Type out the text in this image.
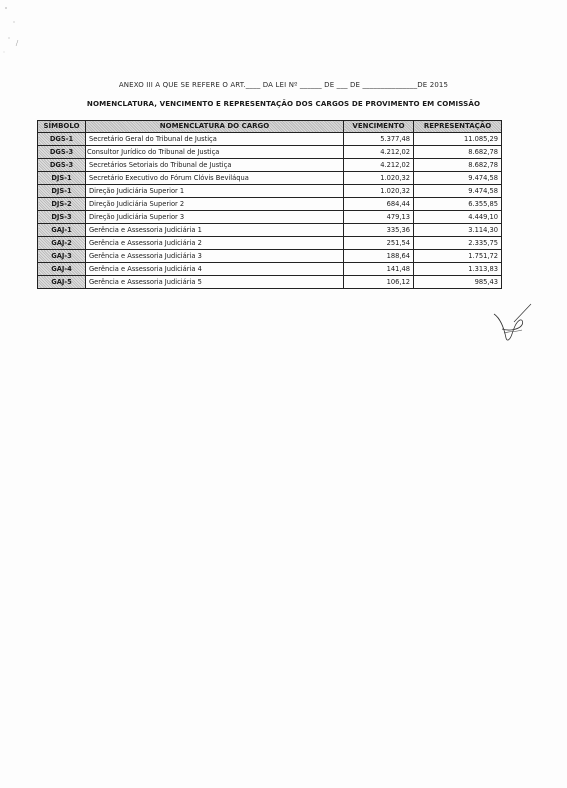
ANEXO III A QUE SE REFERE O ART.____ DA LEI Nº ______ DE ___ DE _______________DE 2015
NOMENCLATURA, VENCIMENTO E REPRESENTAÇÃO DOS CARGOS DE PROVIMENTO EM COMISSÃO
SÍMBOLO	NOMENCLATURA DO CARGO	VENCIMENTO	REPRESENTAÇÃO
DGS-1	Secretário Geral do Tribunal de Justiça	5.377,48	11.085,29
DGS-3	Consultor Jurídico do Tribunal de Justiça	4.212,02	8.682,78
DGS-3	Secretários Setoriais do Tribunal de Justiça	4.212,02	8.682,78
DJS-1	Secretário Executivo do Fórum Clóvis Beviláqua	1.020,32	9.474,58
DJS-1	Direção Judiciária Superior 1	1.020,32	9.474,58
DJS-2	Direção Judiciária Superior 2	684,44	6.355,85
DJS-3	Direção Judiciária Superior 3	479,13	4.449,10
GAJ-1	Gerência e Assessoria Judiciária 1	335,36	3.114,30
GAJ-2	Gerência e Assessoria Judiciária 2	251,54	2.335,75
GAJ-3	Gerência e Assessoria Judiciária 3	188,64	1.751,72
GAJ-4	Gerência e Assessoria Judiciária 4	141,48	1.313,83
GAJ-5	Gerência e Assessoria Judiciária 5	106,12	985,43
